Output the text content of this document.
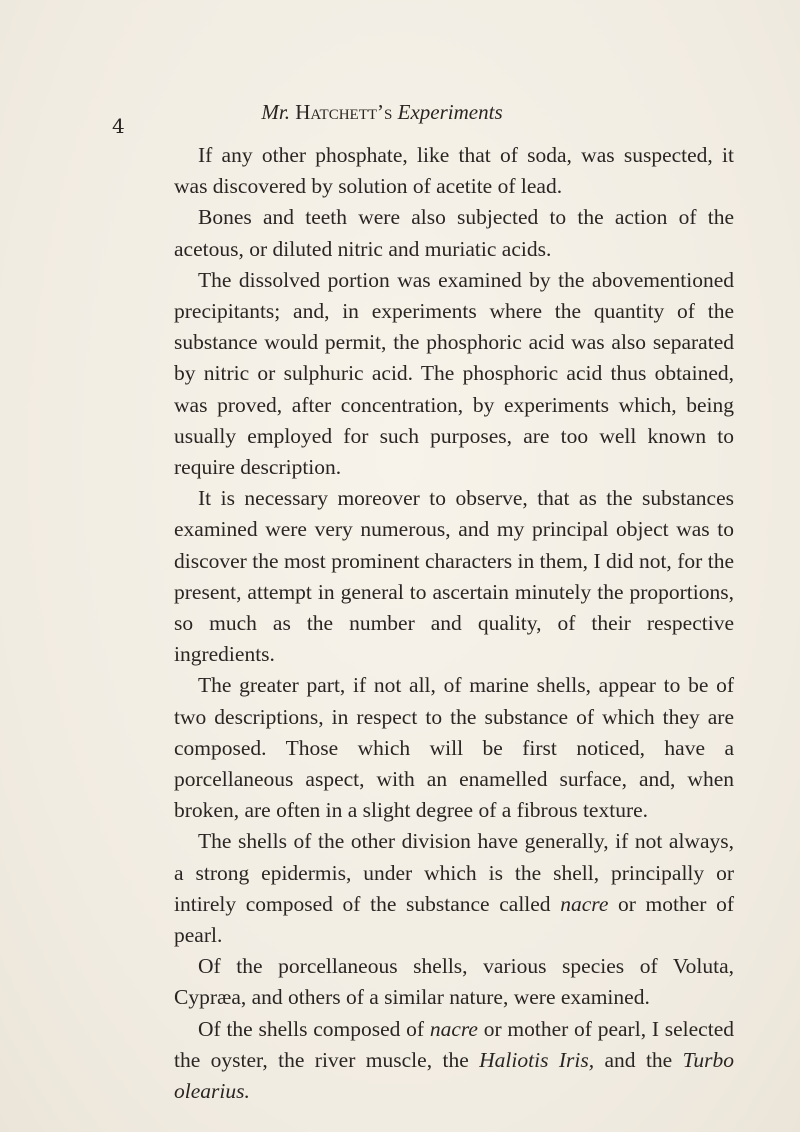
4
Mr. Hatchett’s Experiments

If any other phosphate, like that of soda, was suspected, it was discovered by solution of acetite of lead.

Bones and teeth were also subjected to the action of the acetous, or diluted nitric and muriatic acids.

The dissolved portion was examined by the abovementioned precipitants; and, in experiments where the quantity of the substance would permit, the phosphoric acid was also separated by nitric or sulphuric acid. The phosphoric acid thus obtained, was proved, after concentration, by experiments which, being usually employed for such purposes, are too well known to require description.

It is necessary moreover to observe, that as the substances examined were very numerous, and my principal object was to discover the most prominent characters in them, I did not, for the present, attempt in general to ascertain minutely the proportions, so much as the number and quality, of their respective ingredients.

The greater part, if not all, of marine shells, appear to be of two descriptions, in respect to the substance of which they are composed. Those which will be first noticed, have a porcellaneous aspect, with an enamelled surface, and, when broken, are often in a slight degree of a fibrous texture.

The shells of the other division have generally, if not always, a strong epidermis, under which is the shell, principally or intirely composed of the substance called nacre or mother of pearl.

Of the porcellaneous shells, various species of Voluta, Cypræa, and others of a similar nature, were examined.

Of the shells composed of nacre or mother of pearl, I selected the oyster, the river muscle, the Haliotis Iris, and the Turbo olearius.
